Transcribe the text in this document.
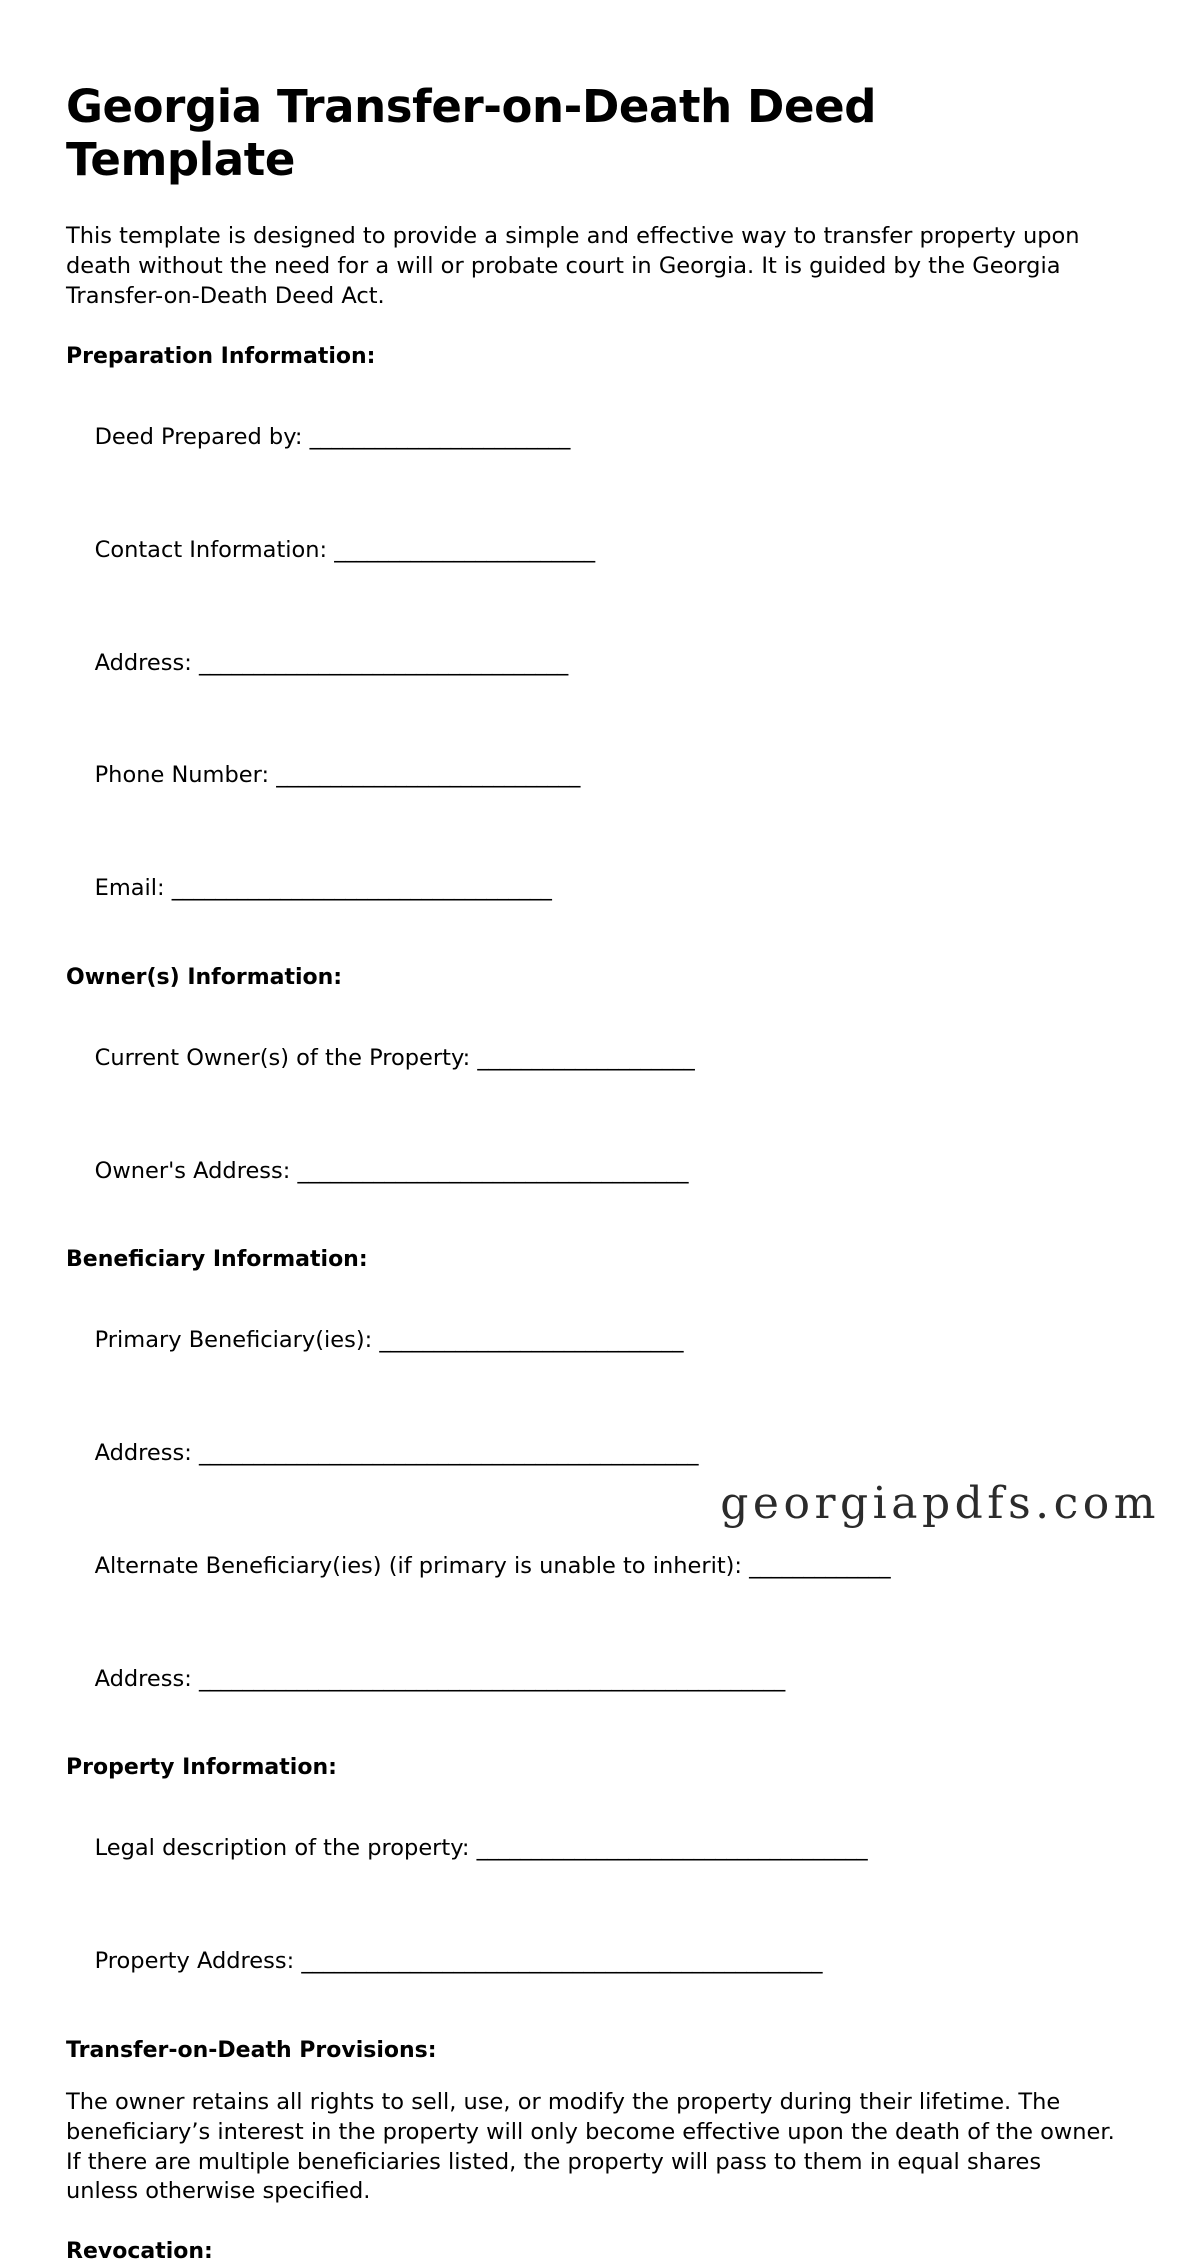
Georgia Transfer-on-Death Deed Template

This template is designed to provide a simple and effective way to transfer property upon death without the need for a will or probate court in Georgia. It is guided by the Georgia Transfer-on-Death Deed Act.

Preparation Information:

Deed Prepared by: ________________________

Contact Information: ________________________

Address: __________________________________

Phone Number: ____________________________

Email: ___________________________________

Owner(s) Information:

Current Owner(s) of the Property: ____________________

Owner's Address: ____________________________________

Beneficiary Information:

Primary Beneficiary(ies): ____________________________

Address: ______________________________________________

Alternate Beneficiary(ies) (if primary is unable to inherit): _____________

Address: ______________________________________________________

Property Information:

Legal description of the property: ____________________________________

Property Address: ________________________________________________

Transfer-on-Death Provisions:

The owner retains all rights to sell, use, or modify the property during their lifetime. The beneficiary’s interest in the property will only become effective upon the death of the owner. If there are multiple beneficiaries listed, the property will pass to them in equal shares unless otherwise specified.

Revocation:
georgiapdfs.com
